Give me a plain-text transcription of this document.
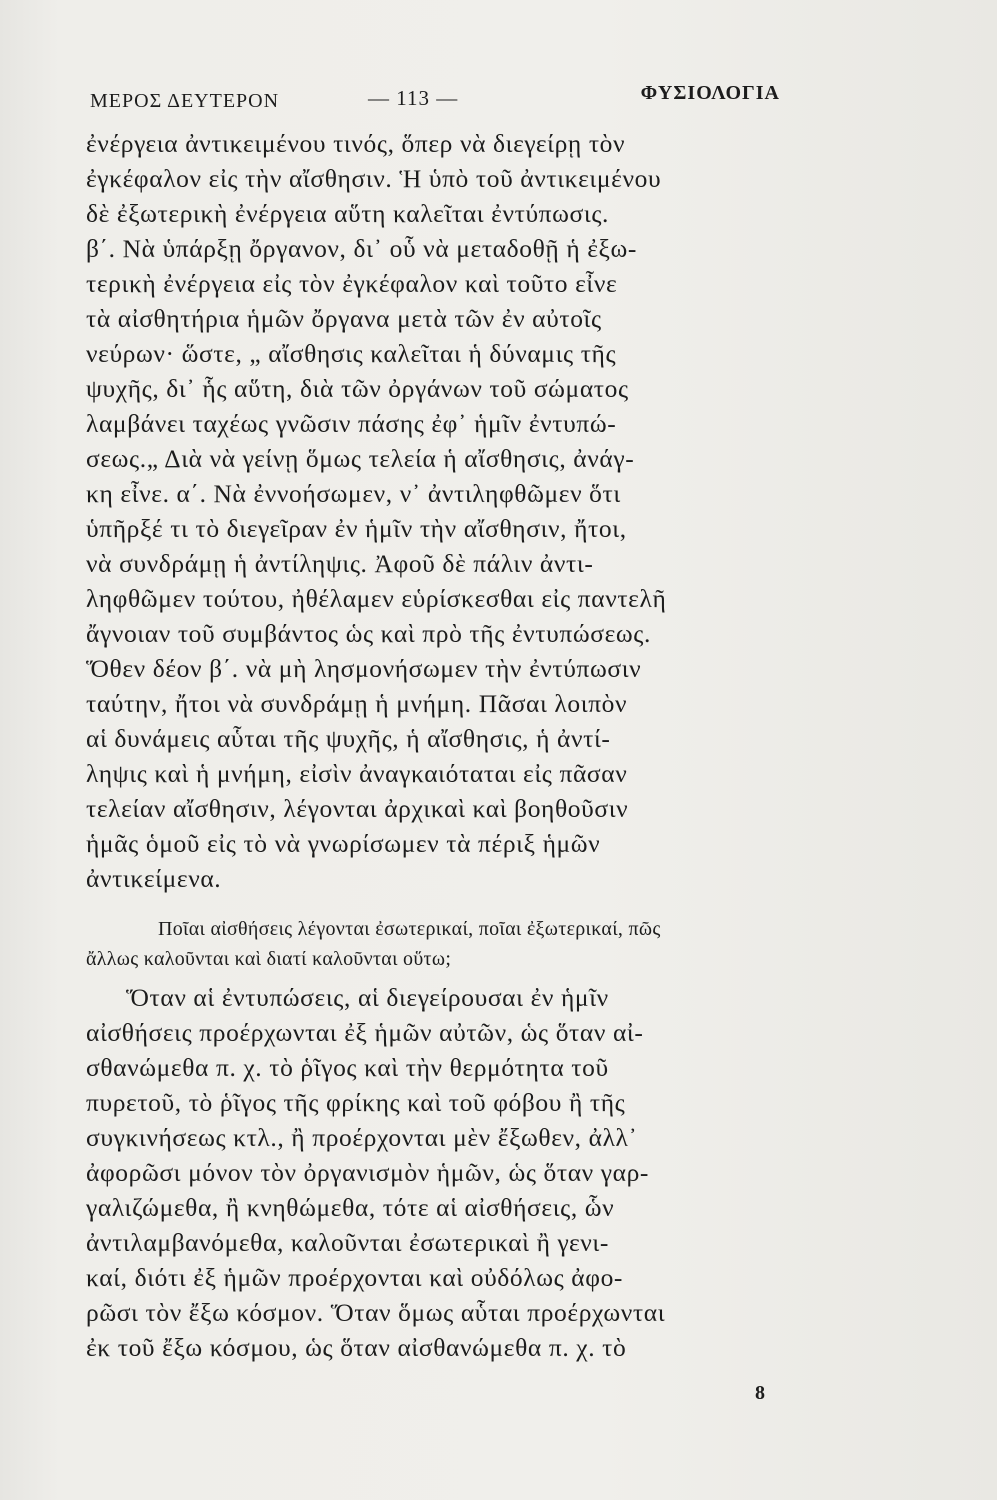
ΜΕΡΟΣ ΔΕΥΤΕΡΟΝ	— 113 —	ΦΥΣΙΟΛΟΓΙΑ
ἐνέργεια ἀντικειμένου τινός, ὅπερ νὰ διεγείρῃ τὸν
ἐγκέφαλον εἰς τὴν αἴσθησιν. Ἡ ὑπὸ τοῦ ἀντικειμένου
δὲ ἐξωτερικὴ ἐνέργεια αὕτη καλεῖται ἐντύπωσις.
β΄. Νὰ ὑπάρξῃ ὄργανον, δι᾽ οὗ νὰ μεταδοθῇ ἡ ἐξω-
τερικὴ ἐνέργεια εἰς τὸν ἐγκέφαλον καὶ τοῦτο εἶνε
τὰ αἰσθητήρια ἡμῶν ὄργανα μετὰ τῶν ἐν αὐτοῖς
νεύρων· ὥστε, „ αἴσθησις καλεῖται ἡ δύναμις τῆς
ψυχῆς, δι᾽ ἧς αὕτη, διὰ τῶν ὀργάνων τοῦ σώματος
λαμβάνει ταχέως γνῶσιν πάσης ἐφ᾽ ἡμῖν ἐντυπώ-
σεως.„ Διὰ νὰ γείνῃ ὅμως τελεία ἡ αἴσθησις, ἀνάγ-
κη εἶνε. α΄. Νὰ ἐννοήσωμεν, ν᾽ ἀντιληφθῶμεν ὅτι
ὑπῆρξέ τι τὸ διεγεῖραν ἐν ἡμῖν τὴν αἴσθησιν, ἤτοι,
νὰ συνδράμῃ ἡ ἀντίληψις. Ἀφοῦ δὲ πάλιν ἀντι-
ληφθῶμεν τούτου, ἠθέλαμεν εὑρίσκεσθαι εἰς παντελῆ
ἄγνοιαν τοῦ συμβάντος ὡς καὶ πρὸ τῆς ἐντυπώσεως.
Ὅθεν δέον β΄. νὰ μὴ λησμονήσωμεν τὴν ἐντύπωσιν
ταύτην, ἤτοι νὰ συνδράμῃ ἡ μνήμη. Πᾶσαι λοιπὸν
αἱ δυνάμεις αὗται τῆς ψυχῆς, ἡ αἴσθησις, ἡ ἀντί-
ληψις καὶ ἡ μνήμη, εἰσὶν ἀναγκαιόταται εἰς πᾶσαν
τελείαν αἴσθησιν, λέγονται ἀρχικαὶ καὶ βοηθοῦσιν
ἡμᾶς ὁμοῦ εἰς τὸ νὰ γνωρίσωμεν τὰ πέριξ ἡμῶν
ἀντικείμενα.
Ποῖαι αἰσθήσεις λέγονται ἐσωτερικαί, ποῖαι ἐξωτερικαί, πῶς
ἄλλως καλοῦνται καὶ διατί καλοῦνται οὕτω;
Ὅταν αἱ ἐντυπώσεις, αἱ διεγείρουσαι ἐν ἡμῖν
αἰσθήσεις προέρχωνται ἐξ ἡμῶν αὐτῶν, ὡς ὅταν αἰ-
σθανώμεθα π. χ. τὸ ῥῖγος καὶ τὴν θερμότητα τοῦ
πυρετοῦ, τὸ ῥῖγος τῆς φρίκης καὶ τοῦ φόβου ἢ τῆς
συγκινήσεως κτλ., ἢ προέρχονται μὲν ἔξωθεν, ἀλλ᾽
ἀφορῶσι μόνον τὸν ὀργανισμὸν ἡμῶν, ὡς ὅταν γαρ-
γαλιζώμεθα, ἢ κνηθώμεθα, τότε αἱ αἰσθήσεις, ὧν
ἀντιλαμβανόμεθα, καλοῦνται ἐσωτερικαὶ ἢ γενι-
καί, διότι ἐξ ἡμῶν προέρχονται καὶ οὐδόλως ἀφο-
ρῶσι τὸν ἔξω κόσμον. Ὅταν ὅμως αὗται προέρχωνται
ἐκ τοῦ ἔξω κόσμου, ὡς ὅταν αἰσθανώμεθα π. χ. τὸ
8
